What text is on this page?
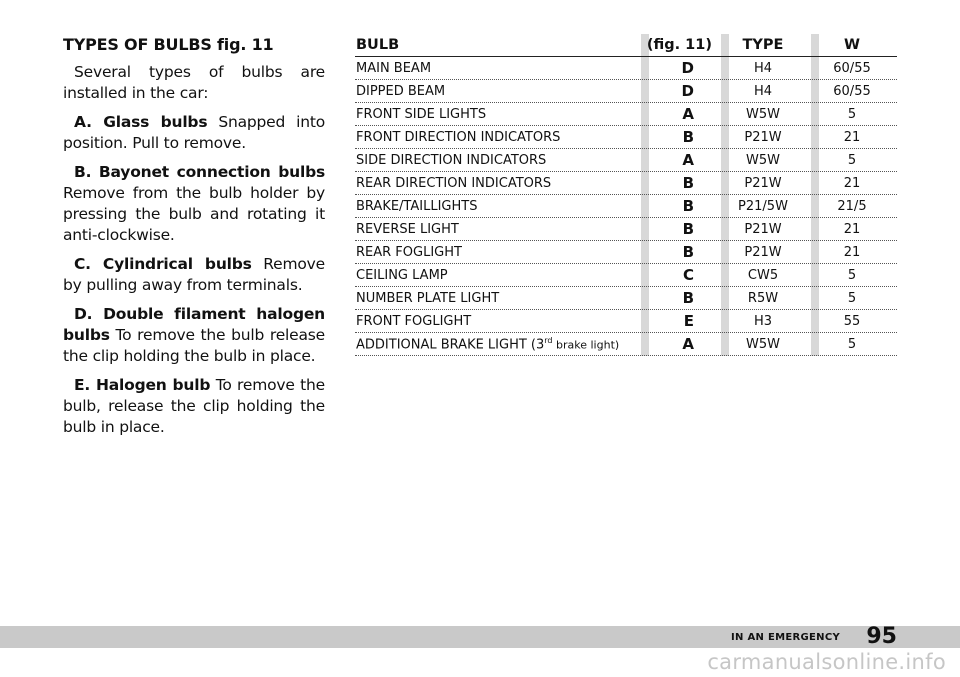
TYPES OF BULBS fig. 11

Several types of bulbs are installed in the car:

A. Glass bulbs Snapped into position. Pull to remove.

B. Bayonet connection bulbs Remove from the bulb holder by pressing the bulb and rotating it anti-clockwise.

C. Cylindrical bulbs Remove by pulling away from terminals.

D. Double filament halogen bulbs To remove the bulb release the clip holding the bulb in place.

E. Halogen bulb To remove the bulb, release the clip holding the bulb in place.

BULB	(fig. 11)	TYPE	W
MAIN BEAM	D	H4	60/55
DIPPED BEAM	D	H4	60/55
FRONT SIDE LIGHTS	A	W5W	5
FRONT DIRECTION INDICATORS	B	P21W	21
SIDE DIRECTION INDICATORS	A	W5W	5
REAR DIRECTION INDICATORS	B	P21W	21
BRAKE/TAILLIGHTS	B	P21/5W	21/5
REVERSE LIGHT	B	P21W	21
REAR FOGLIGHT	B	P21W	21
CEILING LAMP	C	CW5	5
NUMBER PLATE LIGHT	B	R5W	5
FRONT FOGLIGHT	E	H3	55
ADDITIONAL BRAKE LIGHT (3rd brake light)	A	W5W	5
IN AN EMERGENCY 95
carmanualsonline.info
